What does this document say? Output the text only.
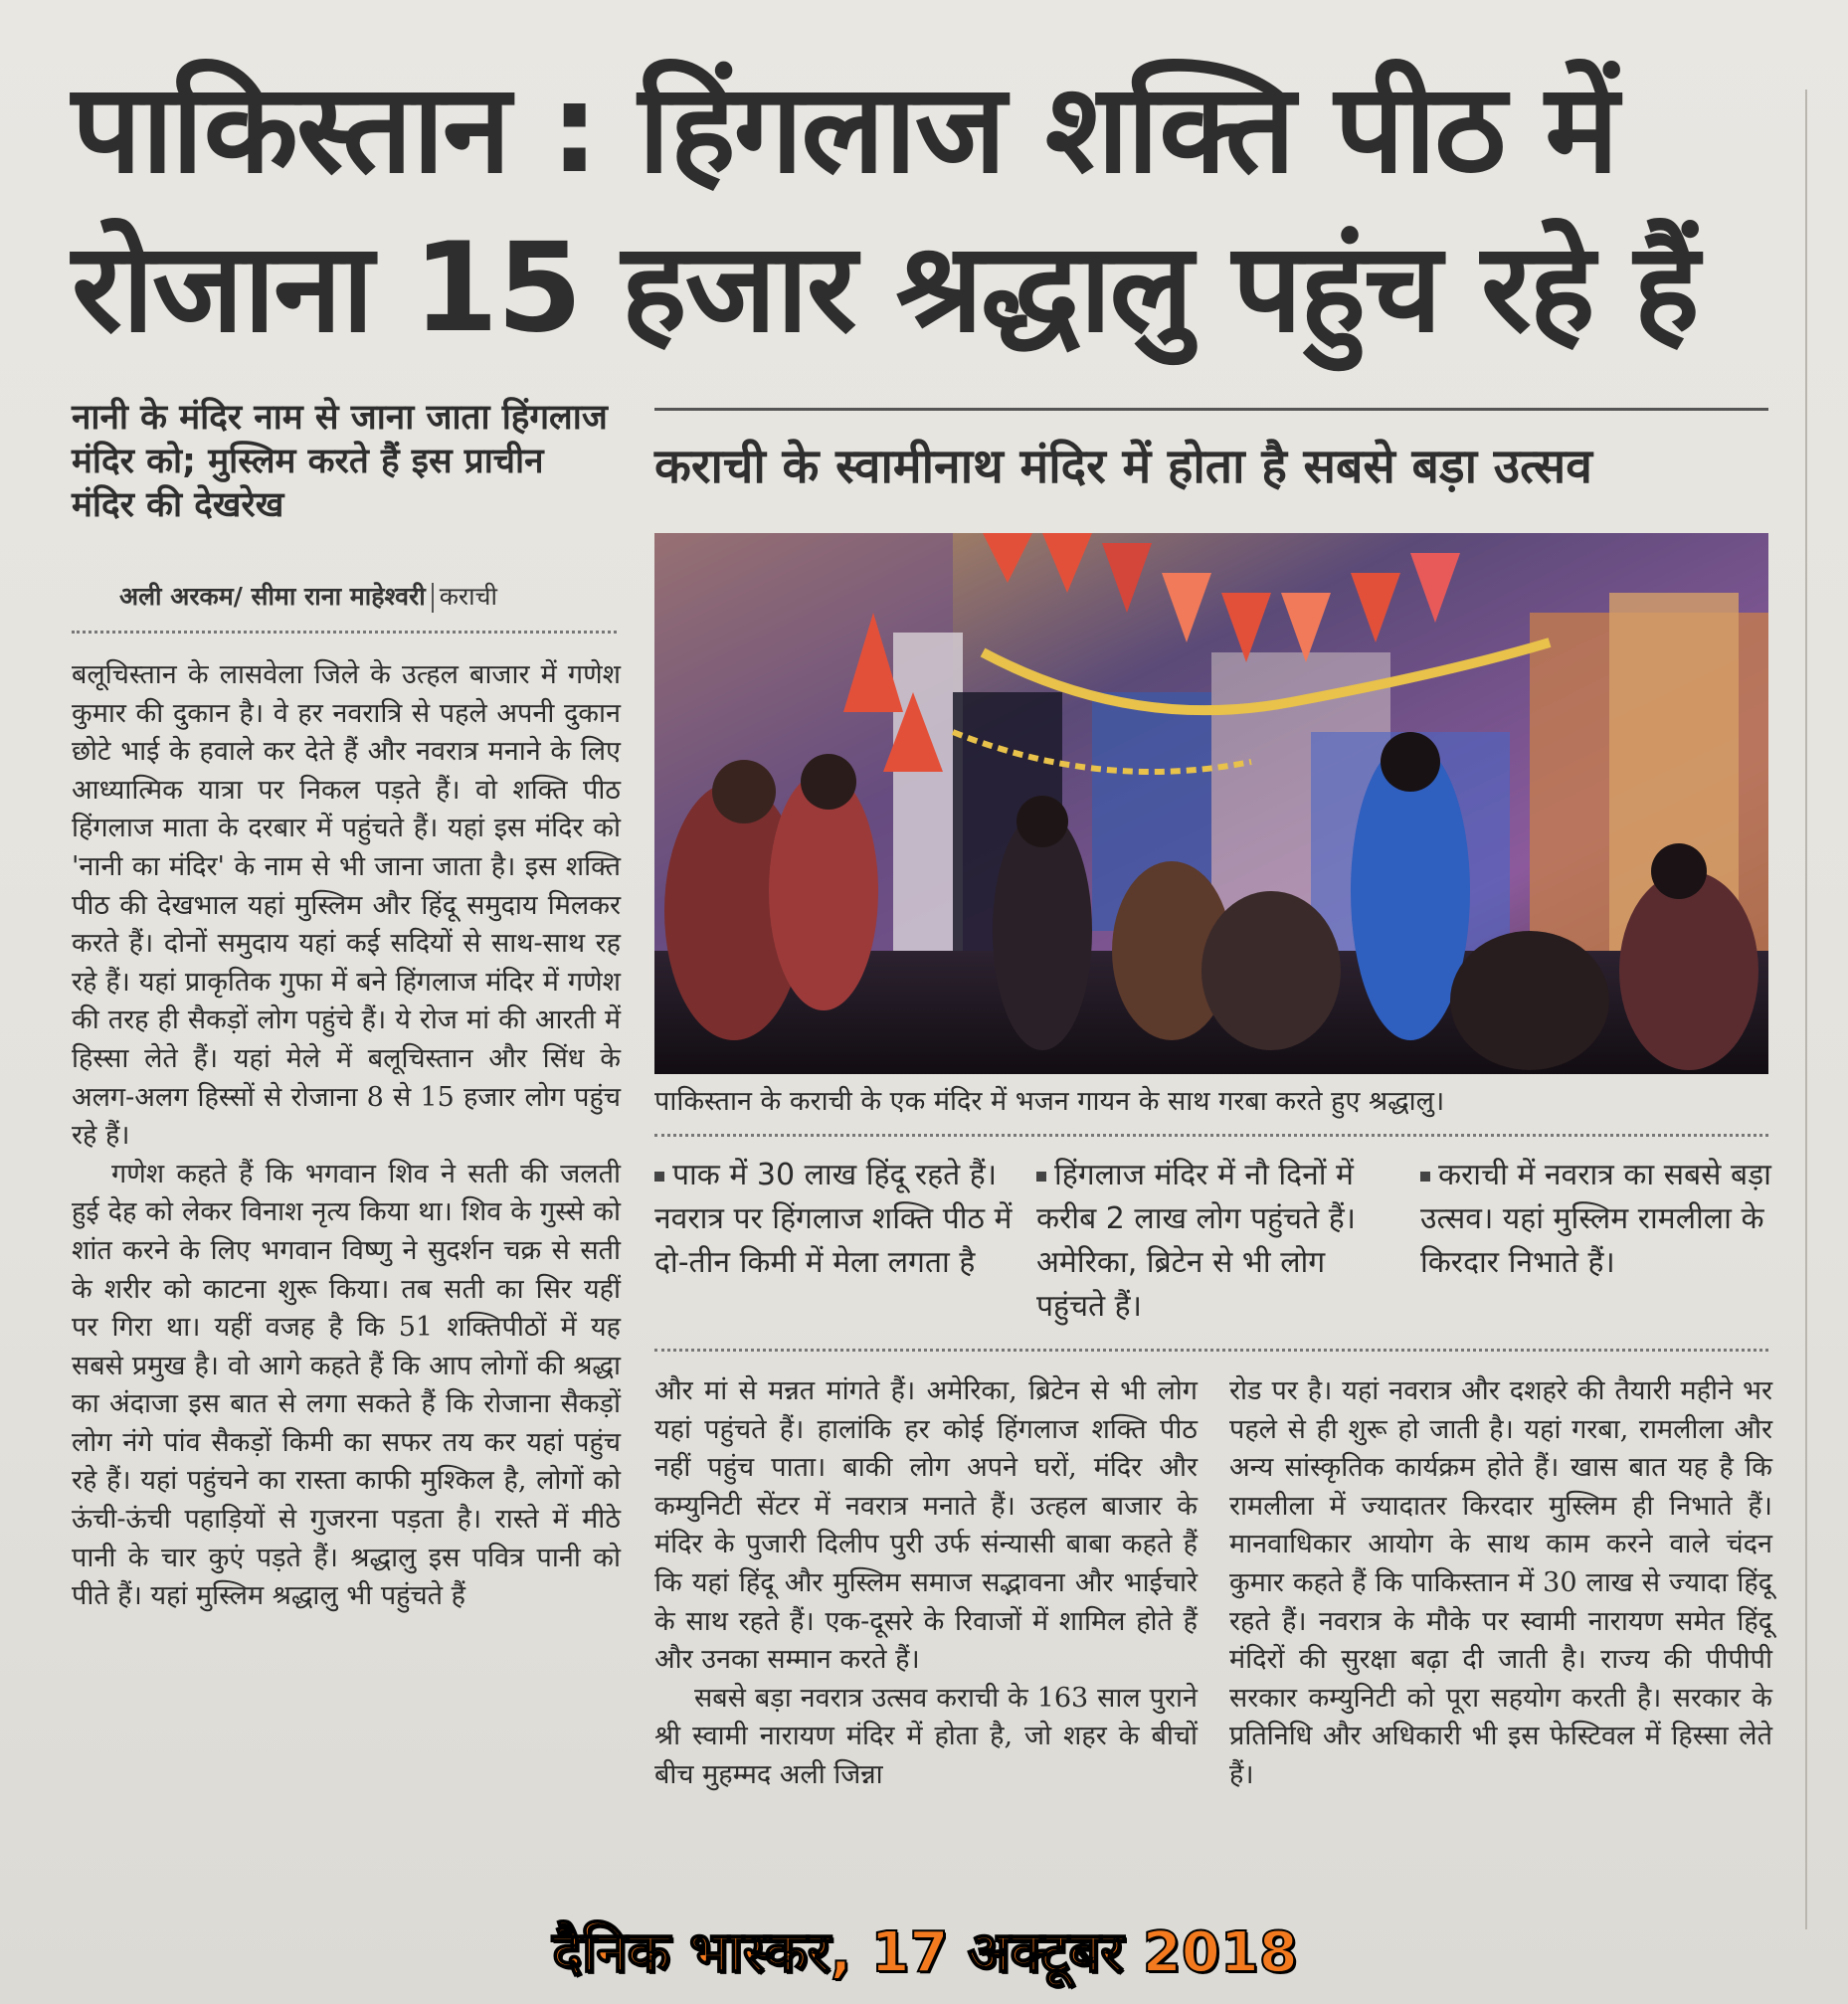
पाकिस्तान : हिंगलाज शक्ति पीठ में
रोजाना 15 हजार श्रद्धालु पहुंच रहे हैं

नानी के मंदिर नाम से जाना जाता हिंगलाज मंदिर को; मुस्लिम करते हैं इस प्राचीन मंदिर की देखरेख

अली अरकम/ सीमा राना माहेश्वरी कराची

बलूचिस्तान के लासवेला जिले के उत्हल बाजार में गणेश कुमार की दुकान है। वे हर नवरात्रि से पहले अपनी दुकान छोटे भाई के हवाले कर देते हैं और नवरात्र मनाने के लिए आध्यात्मिक यात्रा पर निकल पड़ते हैं। वो शक्ति पीठ हिंगलाज माता के दरबार में पहुंचते हैं। यहां इस मंदिर को 'नानी का मंदिर' के नाम से भी जाना जाता है। इस शक्ति पीठ की देखभाल यहां मुस्लिम और हिंदू समुदाय मिलकर करते हैं। दोनों समुदाय यहां कई सदियों से साथ-साथ रह रहे हैं। यहां प्राकृतिक गुफा में बने हिंगलाज मंदिर में गणेश की तरह ही सैकड़ों लोग पहुंचे हैं। ये रोज मां की आरती में हिस्सा लेते हैं। यहां मेले में बलूचिस्तान और सिंध के अलग-अलग हिस्सों से रोजाना 8 से 15 हजार लोग पहुंच रहे हैं।

गणेश कहते हैं कि भगवान शिव ने सती की जलती हुई देह को लेकर विनाश नृत्य किया था। शिव के गुस्से को शांत करने के लिए भगवान विष्णु ने सुदर्शन चक्र से सती के शरीर को काटना शुरू किया। तब सती का सिर यहीं पर गिरा था। यहीं वजह है कि 51 शक्तिपीठों में यह सबसे प्रमुख है। वो आगे कहते हैं कि आप लोगों की श्रद्धा का अंदाजा इस बात से लगा सकते हैं कि रोजाना सैकड़ों लोग नंगे पांव सैकड़ों किमी का सफर तय कर यहां पहुंच रहे हैं। यहां पहुंचने का रास्ता काफी मुश्किल है, लोगों को ऊंची-ऊंची पहाड़ियों से गुजरना पड़ता है। रास्ते में मीठे पानी के चार कुएं पड़ते हैं। श्रद्धालु इस पवित्र पानी को पीते हैं। यहां मुस्लिम श्रद्धालु भी पहुंचते हैं

कराची के स्वामीनाथ मंदिर में होता है सबसे बड़ा उत्सव
पाकिस्तान के कराची के एक मंदिर में भजन गायन के साथ गरबा करते हुए श्रद्धालु।

पाक में 30 लाख हिंदू रहते हैं। नवरात्र पर हिंगलाज शक्ति पीठ में दो-तीन किमी में मेला लगता है

हिंगलाज मंदिर में नौ दिनों में करीब 2 लाख लोग पहुंचते हैं। अमेरिका, ब्रिटेन से भी लोग पहुंचते हैं।

कराची में नवरात्र का सबसे बड़ा उत्सव। यहां मुस्लिम रामलीला के किरदार निभाते हैं।

और मां से मन्नत मांगते हैं। अमेरिका, ब्रिटेन से भी लोग यहां पहुंचते हैं। हालांकि हर कोई हिंगलाज शक्ति पीठ नहीं पहुंच पाता। बाकी लोग अपने घरों, मंदिर और कम्युनिटी सेंटर में नवरात्र मनाते हैं। उत्हल बाजार के मंदिर के पुजारी दिलीप पुरी उर्फ संन्यासी बाबा कहते हैं कि यहां हिंदू और मुस्लिम समाज सद्भावना और भाईचारे के साथ रहते हैं। एक-दूसरे के रिवाजों में शामिल होते हैं और उनका सम्मान करते हैं।

सबसे बड़ा नवरात्र उत्सव कराची के 163 साल पुराने श्री स्वामी नारायण मंदिर में होता है, जो शहर के बीचों बीच मुहम्मद अली जिन्ना

रोड पर है। यहां नवरात्र और दशहरे की तैयारी महीने भर पहले से ही शुरू हो जाती है। यहां गरबा, रामलीला और अन्य सांस्कृतिक कार्यक्रम होते हैं। खास बात यह है कि रामलीला में ज्यादातर किरदार मुस्लिम ही निभाते हैं। मानवाधिकार आयोग के साथ काम करने वाले चंदन कुमार कहते हैं कि पाकिस्तान में 30 लाख से ज्यादा हिंदू रहते हैं। नवरात्र के मौके पर स्वामी नारायण समेत हिंदू मंदिरों की सुरक्षा बढ़ा दी जाती है। राज्य की पीपीपी सरकार कम्युनिटी को पूरा सहयोग करती है। सरकार के प्रतिनिधि और अधिकारी भी इस फेस्टिवल में हिस्सा लेते हैं।

दैनिक भास्कर, 17 अक्टूबर 2018
